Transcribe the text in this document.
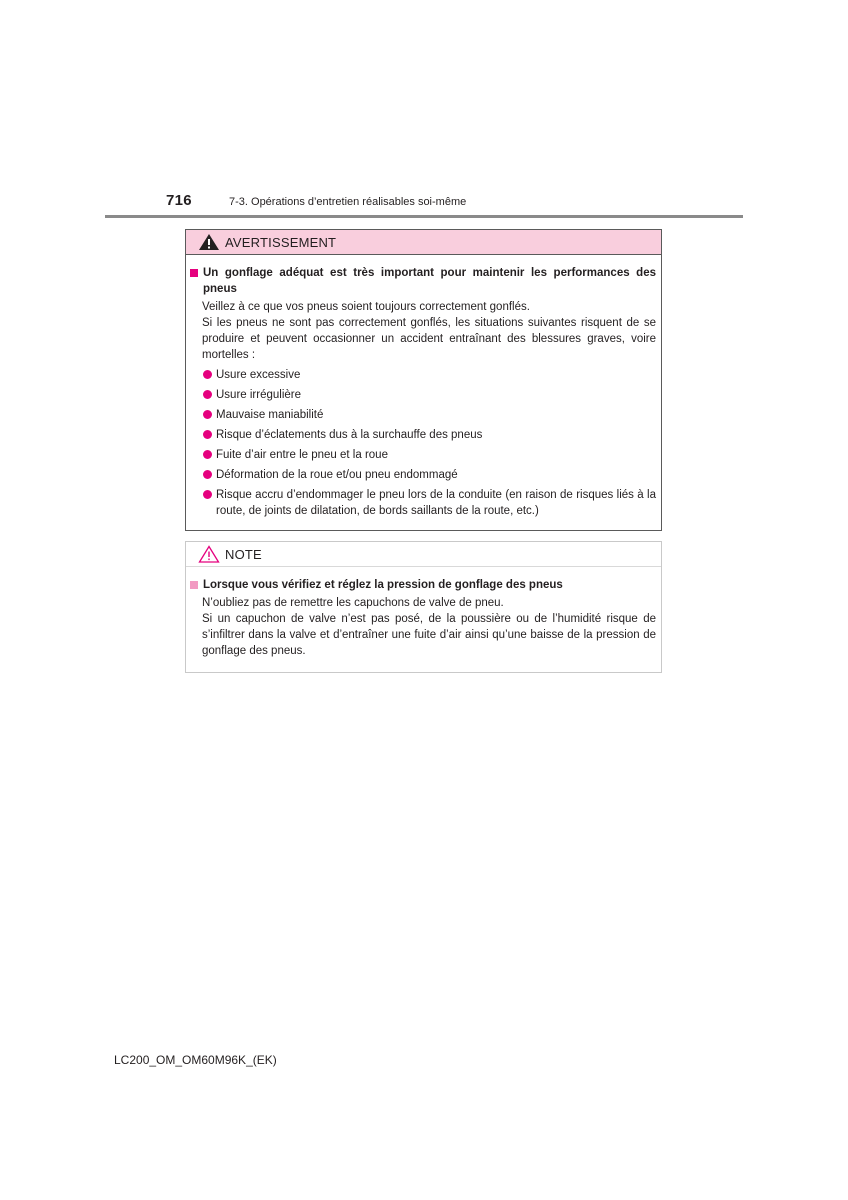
716	7-3. Opérations d’entretien réalisables soi-même
AVERTISSEMENT
Un gonflage adéquat est très important pour maintenir les performances des pneus

Veillez à ce que vos pneus soient toujours correctement gonflés.

Si les pneus ne sont pas correctement gonflés, les situations suivantes risquent de se produire et peuvent occasionner un accident entraînant des blessures graves, voire mortelles :

Usure excessive
Usure irrégulière
Mauvaise maniabilité
Risque d’éclatements dus à la surchauffe des pneus
Fuite d’air entre le pneu et la roue
Déformation de la roue et/ou pneu endommagé
Risque accru d’endommager le pneu lors de la conduite (en raison de risques liés à la route, de joints de dilatation, de bords saillants de la route, etc.)
NOTE
Lorsque vous vérifiez et réglez la pression de gonflage des pneus

N’oubliez pas de remettre les capuchons de valve de pneu.

Si un capuchon de valve n’est pas posé, de la poussière ou de l’humidité risque de s’infiltrer dans la valve et d’entraîner une fuite d’air ainsi qu’une baisse de la pression de gonflage des pneus.

LC200_OM_OM60M96K_(EK)
